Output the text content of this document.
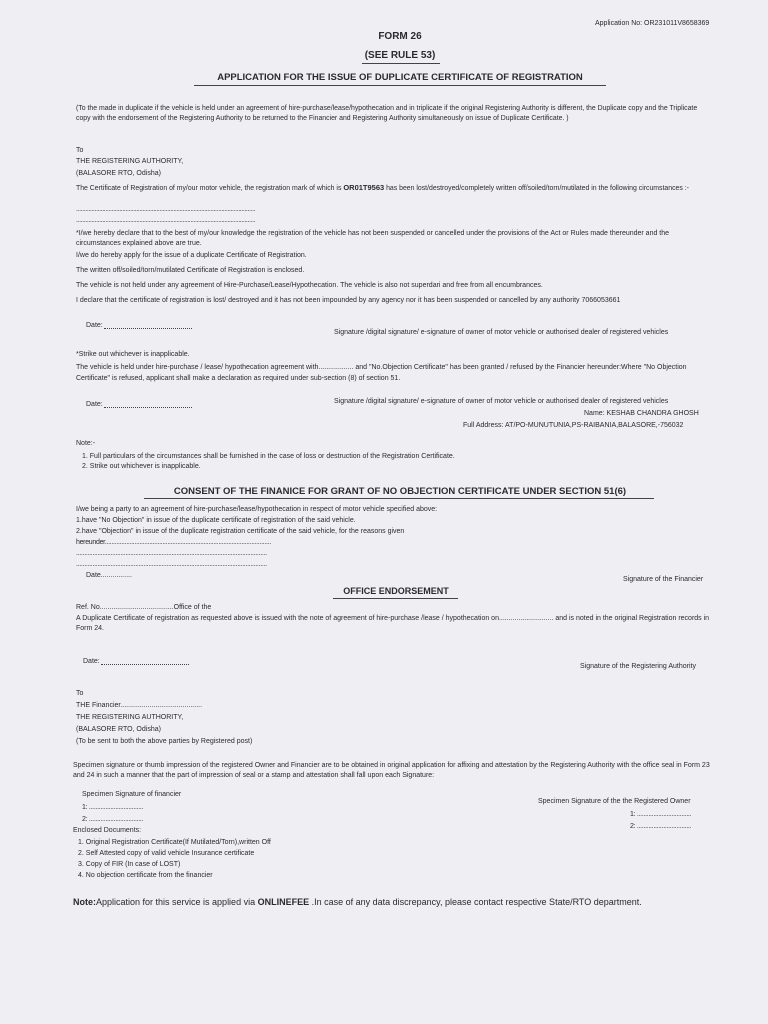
Application No: OR231011V8658369
FORM 26
(SEE RULE 53)
APPLICATION FOR THE ISSUE OF DUPLICATE CERTIFICATE OF REGISTRATION
(To the made in duplicate if the vehicle is held under an agreement of hire-purchase/lease/hypothecation and in triplicate if the original Registering Authority is different, the Duplicate copy and the Triplicate copy with the endorsement of the Registering Authority to be returned to the Financier and Registering Authority simultaneously on issue of Duplicate Certificate. )
To
THE REGISTERING AUTHORITY,
(BALASORE RTO, Odisha)
The Certificate of Registration of my/our motor vehicle, the registration mark of which is OR01T9563 has been lost/destroyed/completely written off/soiled/torn/mutilated in the following circumstances :-
....................................................................................................................
....................................................................................................................
*I/we hereby declare that to the best of my/our knowledge the registration of the vehicle has not been suspended or cancelled under the provisions of the Act or Rules made thereunder and the circumstances explained above are true.
I/we do hereby apply for the issue of a duplicate Certificate of Registration.
The written off/soiled/torn/mutilated Certificate of Registration is enclosed.
The vehicle is not held under any agreement of Hire-Purchase/Lease/Hypothecation. The vehicle is also not superdari and free from all encumbrances.
I declare that the certificate of registration is lost/ destroyed and it has not been impounded by any agency nor it has been suspended or cancelled by any authority 7066053661
Date:
Signature /digital signature/ e-signature of owner of motor vehicle or authorised dealer of registered vehicles
*Strike out whichever is inapplicable.
The vehicle is held under hire-purchase / lease/ hypothecation agreement with.................. and "No.Objection Certificate" has been granted / refused by the Financier hereunder:Where "No Objection Certificate" is refused, applicant shall make a declaration as required under sub-section (8) of section 51.
Date:	Signature /digital signature/ e-signature of owner of motor vehicle or authorised dealer of registered vehicles
Name: KESHAB CHANDRA GHOSH
Full Address: AT/PO-MUNUTUNIA,PS-RAIBANIA,BALASORE,-756032
Note:-
1. Full particulars of the circumstances shall be furnished in the case of loss or destruction of the Registration Certificate.
2. Strike out whichever is inapplicable.
CONSENT OF THE FINANICE FOR GRANT OF NO OBJECTION CERTIFICATE UNDER SECTION 51(6)
I/we being a party to an agreement of hire-purchase/lease/hypothecation in respect of motor vehicle specified above:
1.have "No Objection" in issue of the duplicate certificate of registration of the said vehicle.
2.have "Objection" in issue of the duplicate registration certificate of the said vehicle, for the reasons given
hereunder.....................................................................................................
....................................................................................................................
....................................................................................................................
Date................
Signature of the Financier
OFFICE ENDORSEMENT
Ref. No......................................Office of the
A Duplicate Certificate of registration as requested above is issued with the note of agreement of hire-purchase /lease / hypothecation on............................ and is noted in the original Registration records in Form 24.
Date:
Signature of the Registering Authority
To
THE Financier..........................................
THE REGISTERING AUTHORITY,
(BALASORE RTO, Odisha)
(To be sent to both the above parties by Registered post)
Specimen signature or thumb impression of the registered Owner and Financier are to be obtained in original application for affixing and attestation by the Registering Authority with the office seal in Form 23 and 24 in such a manner that the part of impression of seal or a stamp and attestation shall fall upon each Signature:
Specimen Signature of financier
1: .................................
2: .................................
Specimen Signature of the the Registered Owner
1: .................................
2: .................................
Enclosed Documents:
1. Original Registration Certificate(If Mutilated/Torn),written Off
2. Self Attested copy of valid vehicle Insurance certificate
3. Copy of FIR (In case of LOST)
4. No objection certificate from the financier
Note:Application for this service is applied via ONLINEFEE .In case of any data discrepancy, please contact respective State/RTO department.
